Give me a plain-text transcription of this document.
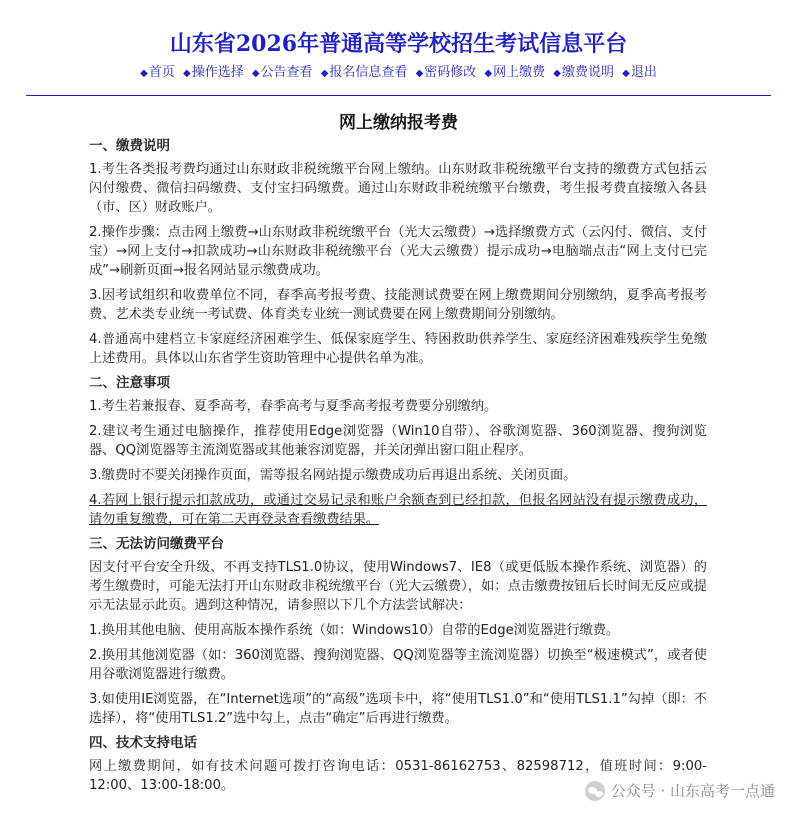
山东省2026年普通高等学校招生考试信息平台
◆首页 ◆操作选择 ◆公告查看 ◆报名信息查看 ◆密码修改 ◆网上缴费 ◆缴费说明 ◆退出
网上缴纳报考费
一、缴费说明

1.考生各类报考费均通过山东财政非税统缴平台网上缴纳。山东财政非税统缴平台支持的缴费方式包括云闪付缴费、微信扫码缴费、支付宝扫码缴费。通过山东财政非税统缴平台缴费，考生报考费直接缴入各县（市、区）财政账户。

2.操作步骤：点击网上缴费→山东财政非税统缴平台（光大云缴费）→选择缴费方式（云闪付、微信、支付宝）→网上支付→扣款成功→山东财政非税统缴平台（光大云缴费）提示成功→电脑端点击“网上支付已完成”→刷新页面→报名网站显示缴费成功。

3.因考试组织和收费单位不同，春季高考报考费、技能测试费要在网上缴费期间分别缴纳，夏季高考报考费、艺术类专业统一考试费、体育类专业统一测试费要在网上缴费期间分别缴纳。

4.普通高中建档立卡家庭经济困难学生、低保家庭学生、特困救助供养学生、家庭经济困难残疾学生免缴上述费用。具体以山东省学生资助管理中心提供名单为准。

二、注意事项

1.考生若兼报春、夏季高考，春季高考与夏季高考报考费要分别缴纳。

2.建议考生通过电脑操作，推荐使用Edge浏览器（Win10自带）、谷歌浏览器、360浏览器、搜狗浏览器、QQ浏览器等主流浏览器或其他兼容浏览器，并关闭弹出窗口阻止程序。

3.缴费时不要关闭操作页面，需等报名网站提示缴费成功后再退出系统、关闭页面。

4.若网上银行提示扣款成功，或通过交易记录和账户余额查到已经扣款，但报名网站没有提示缴费成功，请勿重复缴费，可在第二天再登录查看缴费结果。

三、无法访问缴费平台

因支付平台安全升级、不再支持TLS1.0协议，使用Windows7、IE8（或更低版本操作系统、浏览器）的考生缴费时，可能无法打开山东财政非税统缴平台（光大云缴费），如：点击缴费按钮后长时间无反应或提示无法显示此页。遇到这种情况，请参照以下几个方法尝试解决：

1.换用其他电脑、使用高版本操作系统（如：Windows10）自带的Edge浏览器进行缴费。

2.换用其他浏览器（如：360浏览器、搜狗浏览器、QQ浏览器等主流浏览器）切换至“极速模式”，或者使用谷歌浏览器进行缴费。

3.如使用IE浏览器，在“Internet选项”的“高级”选项卡中，将“使用TLS1.0”和“使用TLS1.1”勾掉（即：不选择），将“使用TLS1.2”选中勾上，点击“确定”后再进行缴费。

四、技术支持电话

网上缴费期间，如有技术问题可拨打咨询电话：0531-86162753、82598712，值班时间：9:00-12:00、13:00-18:00。	公众号 · 山东高考一点通
